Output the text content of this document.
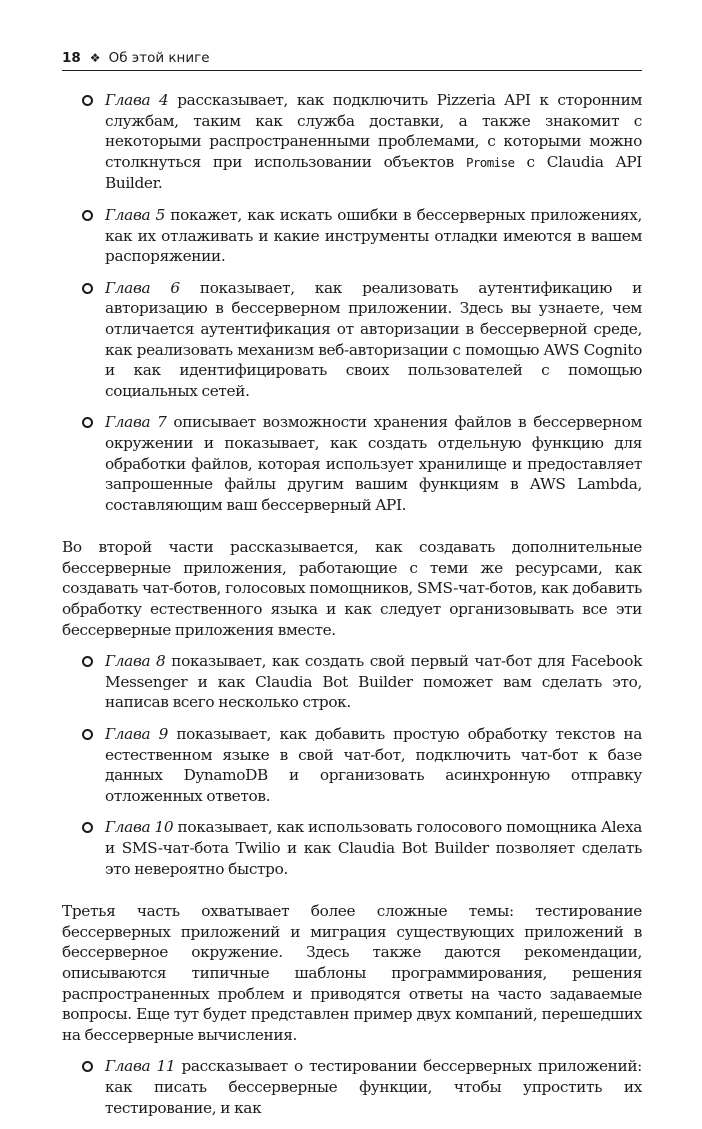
18 ❖ Об этой книге
Глава 4 рассказывает, как подключить Pizzeria API к сторонним службам, таким как служба доставки, а также знакомит с некоторыми распространенными проблемами, с которыми можно столкнуться при использовании объектов Promise с Claudia API Builder.
Глава 5 покажет, как искать ошибки в бессерверных приложениях, как их отлаживать и какие инструменты отладки имеются в вашем распоряжении.
Глава 6 показывает, как реализовать аутентификацию и авторизацию в бессерверном приложении. Здесь вы узнаете, чем отличается аутентификация от авторизации в бессерверной среде, как реализовать механизм веб-авторизации с помощью AWS Cognito и как идентифицировать своих пользователей с помощью социальных сетей.
Глава 7 описывает возможности хранения файлов в бессерверном окружении и показывает, как создать отдельную функцию для обработки файлов, которая использует хранилище и предоставляет запрошенные файлы другим вашим функциям в AWS Lambda, составляющим ваш бессерверный API.

Во второй части рассказывается, как создавать дополнительные бессерверные приложения, работающие с теми же ресурсами, как создавать чат-ботов, голосовых помощников, SMS-чат-ботов, как добавить обработку естественного языка и как следует организовывать все эти бессерверные приложения вместе.

Глава 8 показывает, как создать свой первый чат-бот для Facebook Messenger и как Claudia Bot Builder поможет вам сделать это, написав всего несколько строк.
Глава 9 показывает, как добавить простую обработку текстов на естественном языке в свой чат-бот, подключить чат-бот к базе данных DynamoDB и организовать асинхронную отправку отложенных ответов.
Глава 10 показывает, как использовать голосового помощника Alexa и SMS-чат-бота Twilio и как Claudia Bot Builder позволяет сделать это невероятно быстро.

Третья часть охватывает более сложные темы: тестирование бессерверных приложений и миграция существующих приложений в бессерверное окружение. Здесь также даются рекомендации, описываются типичные шаблоны программирования, решения распространенных проблем и приводятся ответы на часто задаваемые вопросы. Еще тут будет представлен пример двух компаний, перешедших на бессерверные вычисления.

Глава 11 рассказывает о тестировании бессерверных приложений: как писать бессерверные функции, чтобы упростить их тестирование, и как
